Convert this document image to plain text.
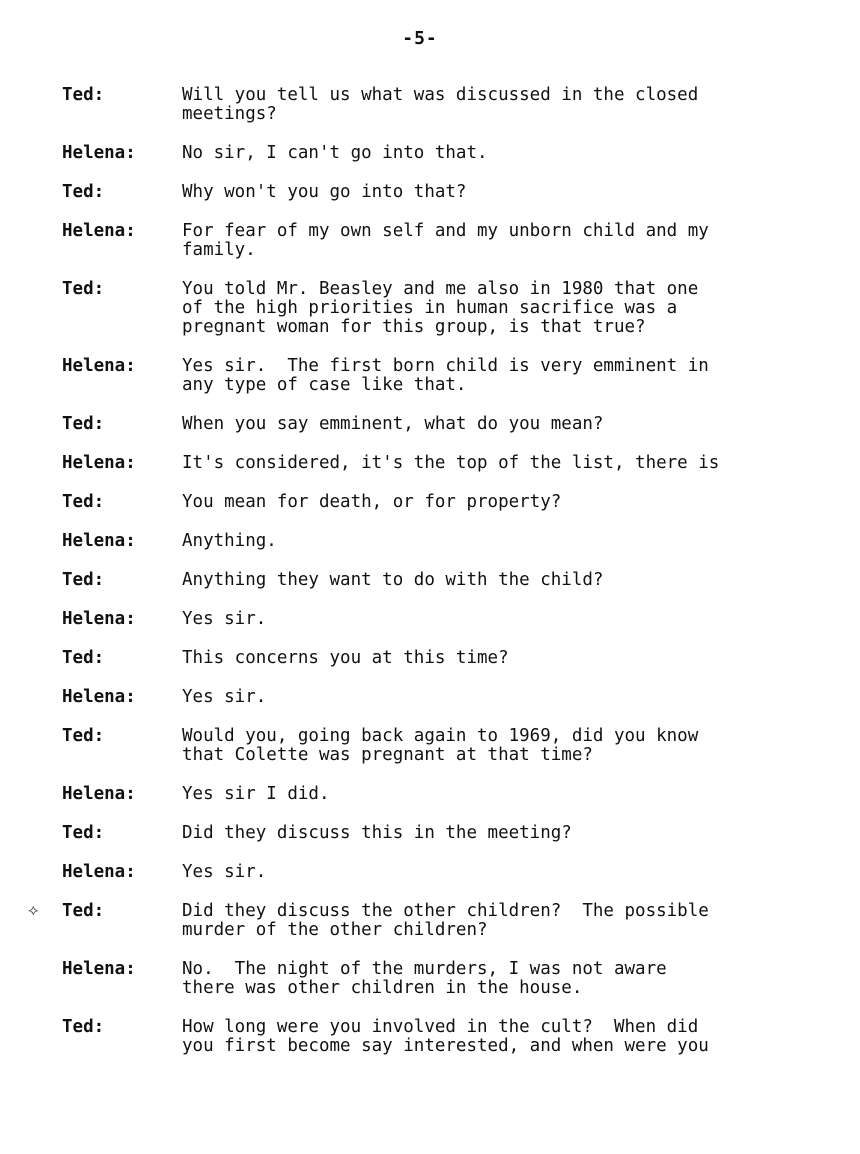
-5-
Ted:	Will you tell us what was discussed in the closed
meetings?
Helena:	No sir, I can't go into that.
Ted:	Why won't you go into that?
Helena:	For fear of my own self and my unborn child and my
family.
Ted:	You told Mr. Beasley and me also in 1980 that one
of the high priorities in human sacrifice was a
pregnant woman for this group, is that true?
Helena:	Yes sir.  The first born child is very emminent in
any type of case like that.
Ted:	When you say emminent, what do you mean?
Helena:	It's considered, it's the top of the list, there is

Ted:	You mean for death, or for property?
Helena:	Anything.
Ted:	Anything they want to do with the child?
Helena:	Yes sir.
Ted:	This concerns you at this time?
Helena:	Yes sir.
Ted:	Would you, going back again to 1969, did you know
that Colette was pregnant at that time?
Helena:	Yes sir I did.
Ted:	Did they discuss this in the meeting?
Helena:	Yes sir.
Ted:	Did they discuss the other children?  The possible
murder of the other children?
Helena:	No.  The night of the murders, I was not aware
there was other children in the house.
Ted:	How long were you involved in the cult?  When did
you first become say interested, and when were you
⟡
